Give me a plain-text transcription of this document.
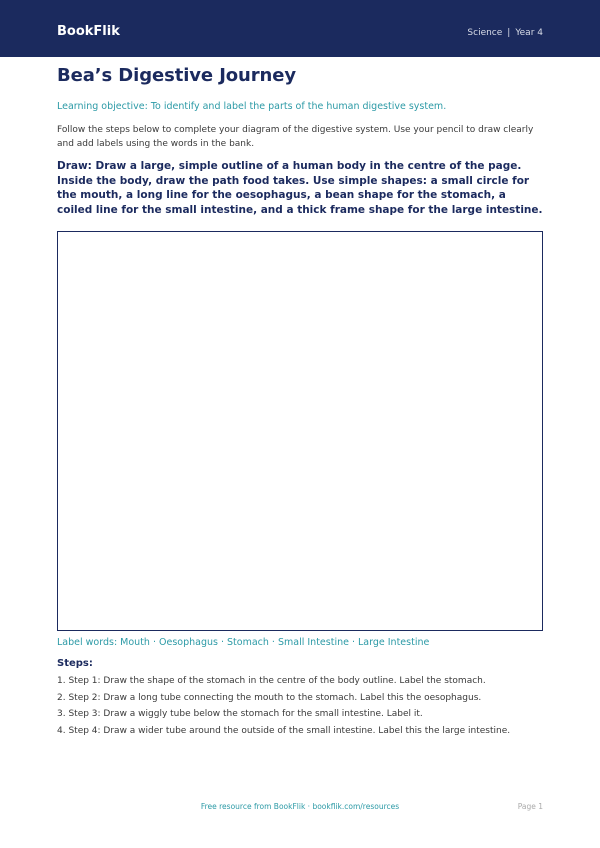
BookFlik	Science | Year 4
Bea’s Digestive Journey
Learning objective: To identify and label the parts of the human digestive system.
Follow the steps below to complete your diagram of the digestive system. Use your pencil to draw clearly and add labels using the words in the bank.
Draw: Draw a large, simple outline of a human body in the centre of the page. Inside the body, draw the path food takes. Use simple shapes: a small circle for the mouth, a long line for the oesophagus, a bean shape for the stomach, a coiled line for the small intestine, and a thick frame shape for the large intestine.
Label words: Mouth · Oesophagus · Stomach · Small Intestine · Large Intestine
Steps:
1. Step 1: Draw the shape of the stomach in the centre of the body outline. Label the stomach.
2. Step 2: Draw a long tube connecting the mouth to the stomach. Label this the oesophagus.
3. Step 3: Draw a wiggly tube below the stomach for the small intestine. Label it.
4. Step 4: Draw a wider tube around the outside of the small intestine. Label this the large intestine.
Free resource from BookFlik · bookflik.com/resources	Page 1
